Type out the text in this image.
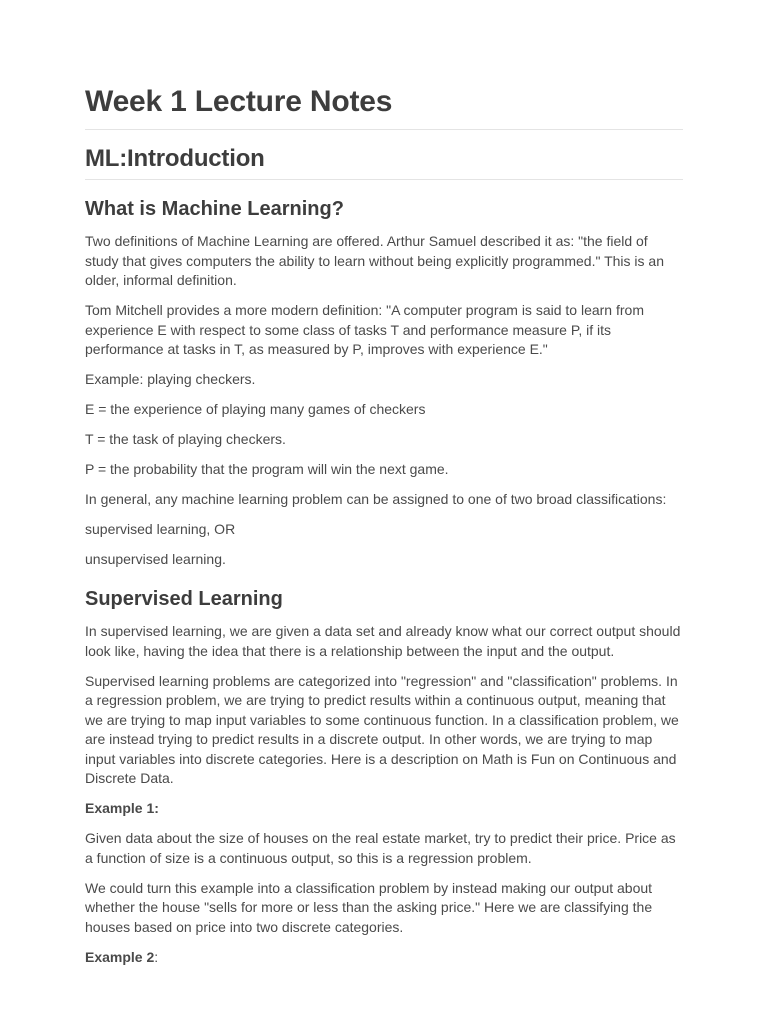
Week 1 Lecture Notes
ML:Introduction
What is Machine Learning?

Two definitions of Machine Learning are offered. Arthur Samuel described it as: "the field of study that gives computers the ability to learn without being explicitly programmed." This is an older, informal definition.

Tom Mitchell provides a more modern definition: "A computer program is said to learn from experience E with respect to some class of tasks T and performance measure P, if its performance at tasks in T, as measured by P, improves with experience E."

Example: playing checkers.

E = the experience of playing many games of checkers

T = the task of playing checkers.

P = the probability that the program will win the next game.

In general, any machine learning problem can be assigned to one of two broad classifications:

supervised learning, OR

unsupervised learning.

Supervised Learning

In supervised learning, we are given a data set and already know what our correct output should look like, having the idea that there is a relationship between the input and the output.

Supervised learning problems are categorized into "regression" and "classification" problems. In a regression problem, we are trying to predict results within a continuous output, meaning that we are trying to map input variables to some continuous function. In a classification problem, we are instead trying to predict results in a discrete output. In other words, we are trying to map input variables into discrete categories. Here is a description on Math is Fun on Continuous and Discrete Data.

Example 1:

Given data about the size of houses on the real estate market, try to predict their price. Price as a function of size is a continuous output, so this is a regression problem.

We could turn this example into a classification problem by instead making our output about whether the house "sells for more or less than the asking price." Here we are classifying the houses based on price into two discrete categories.

Example 2:
